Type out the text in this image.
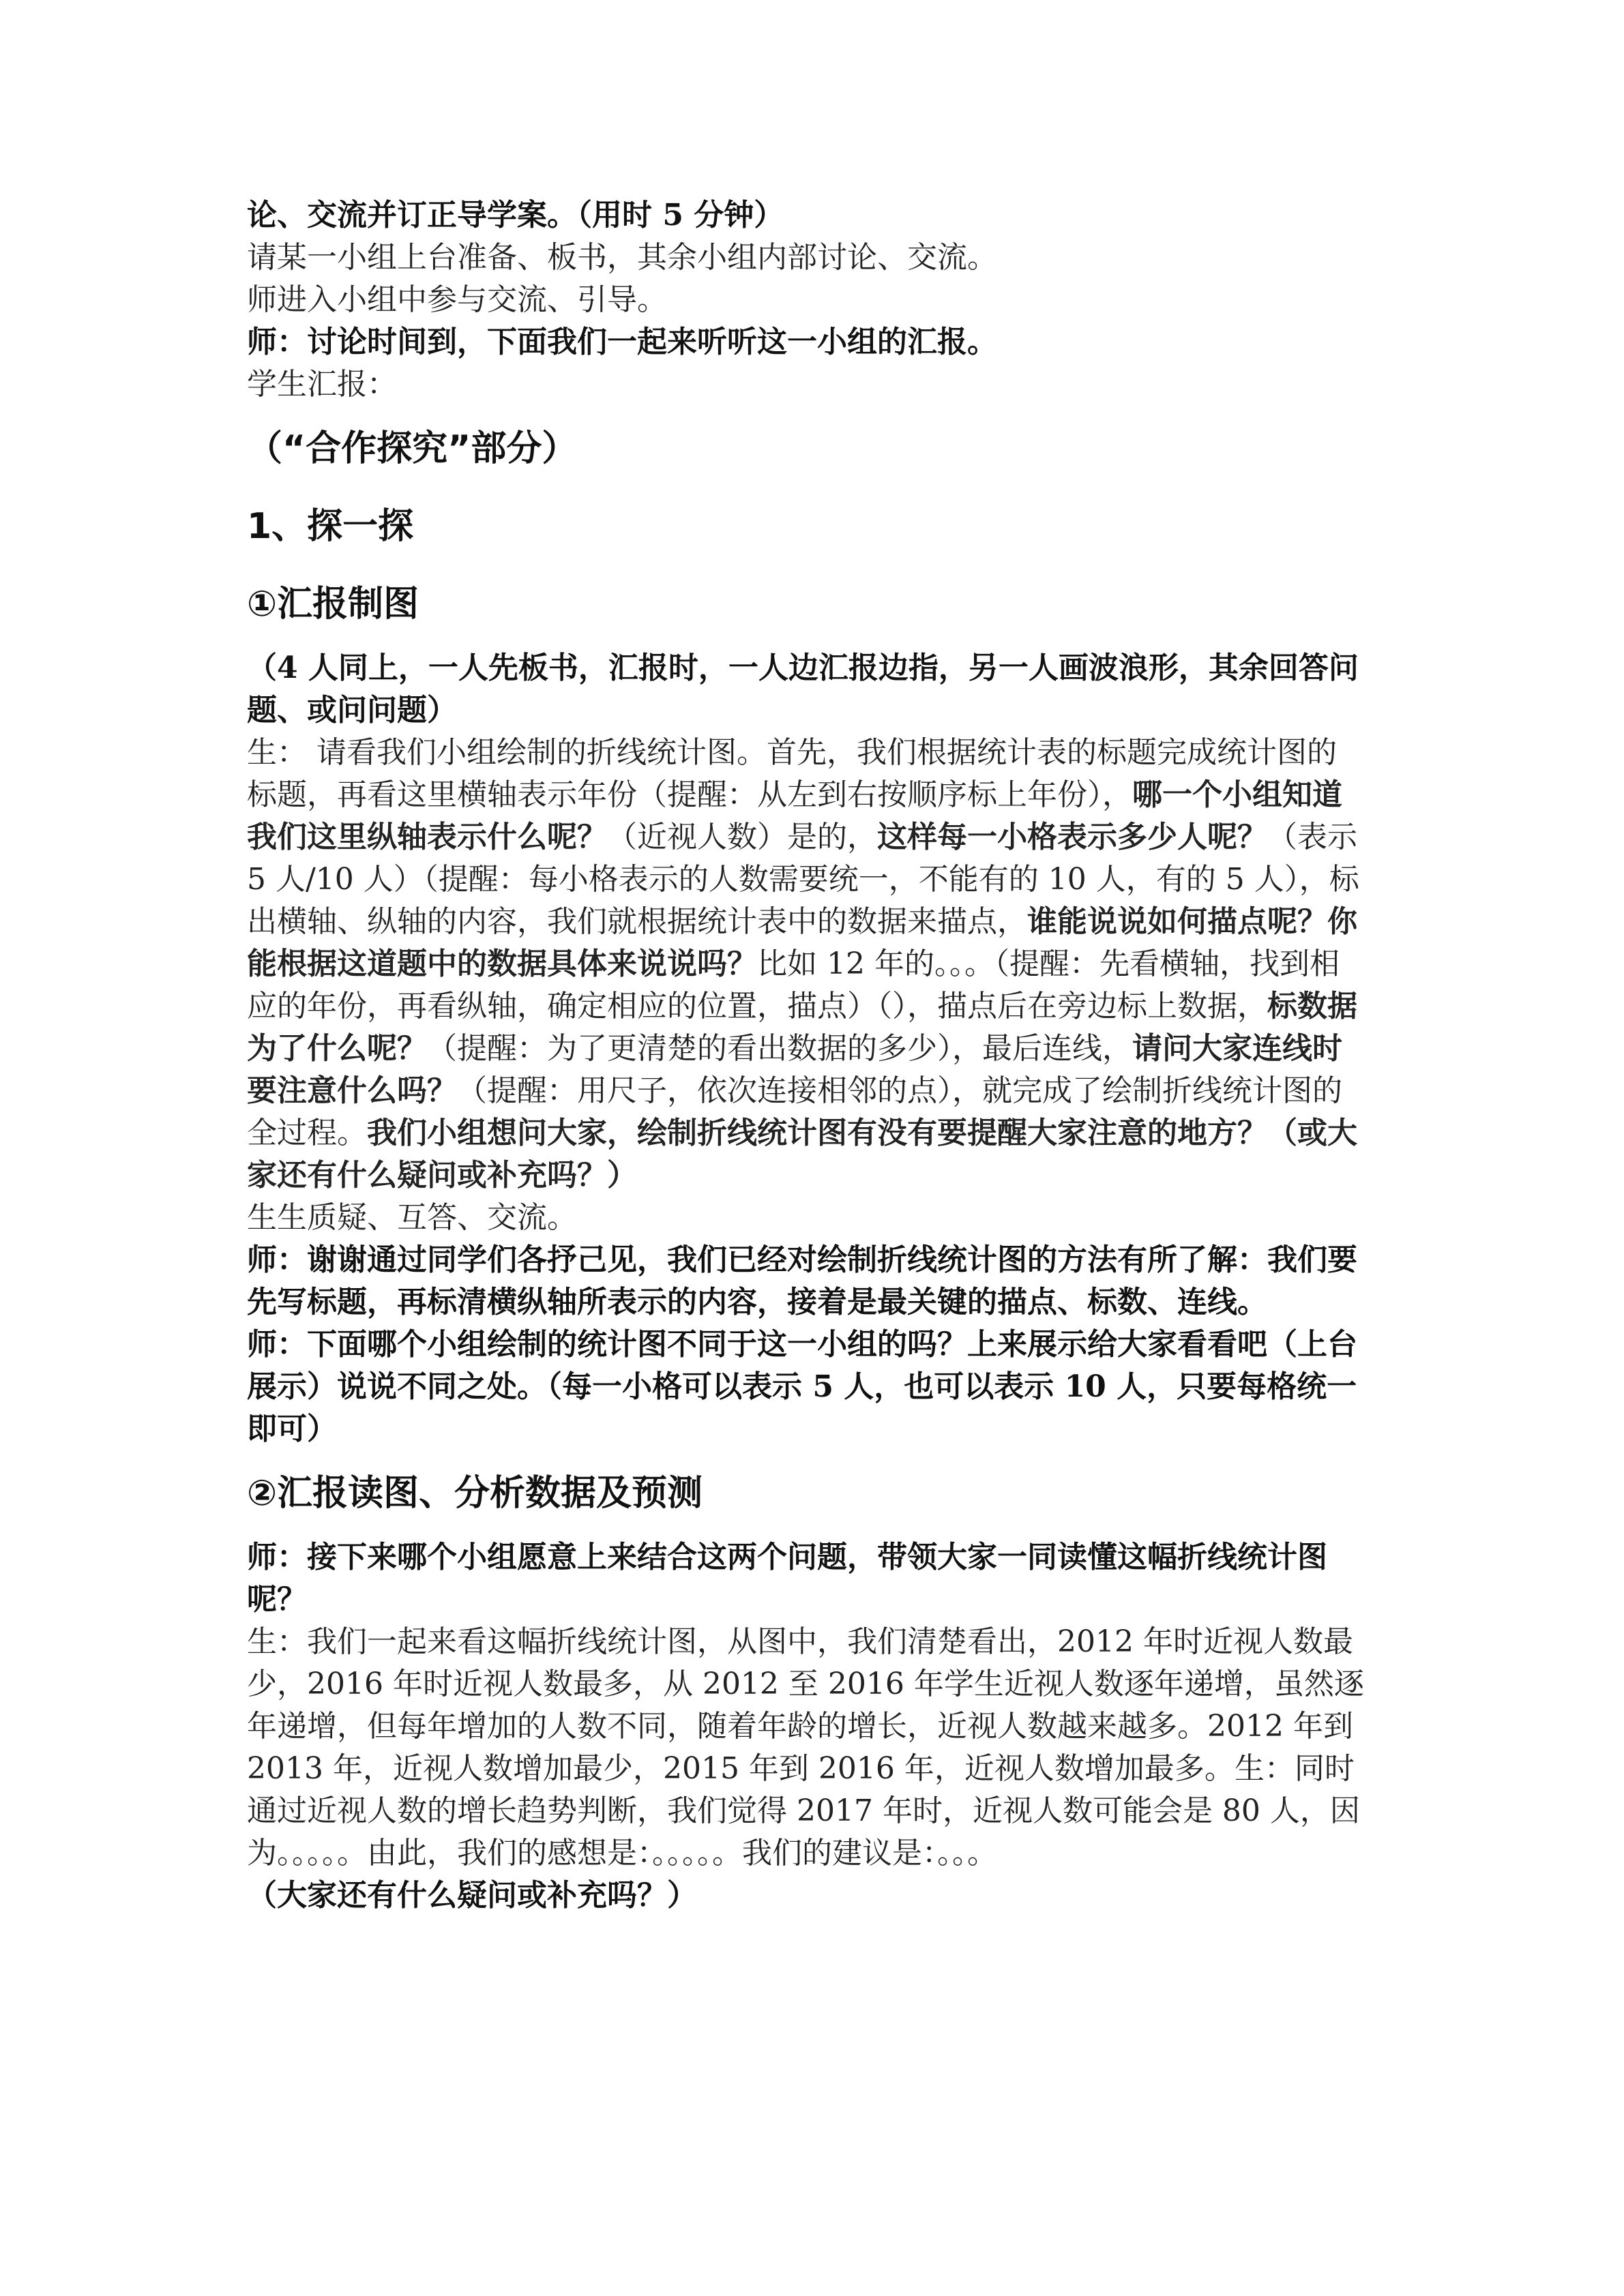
论、交流并订正导学案。（用时 5 分钟）

请某一小组上台准备、板书，其余小组内部讨论、交流。

师进入小组中参与交流、引导。

师：讨论时间到，下面我们一起来听听这一小组的汇报。

学生汇报：

（“合作探究”部分）

1、探一探

①汇报制图

（4 人同上，一人先板书，汇报时，一人边汇报边指，另一人画波浪形，其余回答问题、或问问题）

生： 请看我们小组绘制的折线统计图。首先，我们根据统计表的标题完成统计图的标题，再看这里横轴表示年份（提醒：从左到右按顺序标上年份），哪一个小组知道我们这里纵轴表示什么呢？（近视人数）是的，这样每一小格表示多少人呢？（表示 5 人/10 人）（提醒：每小格表示的人数需要统一，不能有的 10 人，有的 5 人），标出横轴、纵轴的内容，我们就根据统计表中的数据来描点，谁能说说如何描点呢？你能根据这道题中的数据具体来说说吗？比如 12 年的。。。（提醒：先看横轴，找到相应的年份，再看纵轴，确定相应的位置，描点）（），描点后在旁边标上数据，标数据为了什么呢？（提醒：为了更清楚的看出数据的多少），最后连线，请问大家连线时要注意什么吗？（提醒：用尺子，依次连接相邻的点），就完成了绘制折线统计图的全过程。我们小组想问大家，绘制折线统计图有没有要提醒大家注意的地方？（或大家还有什么疑问或补充吗？）

生生质疑、互答、交流。

师：谢谢通过同学们各抒己见，我们已经对绘制折线统计图的方法有所了解：我们要先写标题，再标清横纵轴所表示的内容，接着是最关键的描点、标数、连线。

师：下面哪个小组绘制的统计图不同于这一小组的吗？上来展示给大家看看吧（上台展示）说说不同之处。（每一小格可以表示 5 人，也可以表示 10 人，只要每格统一即可）

②汇报读图、分析数据及预测

师：接下来哪个小组愿意上来结合这两个问题，带领大家一同读懂这幅折线统计图呢？

生：我们一起来看这幅折线统计图，从图中，我们清楚看出，2012 年时近视人数最少，2016 年时近视人数最多，从 2012 至 2016 年学生近视人数逐年递增，虽然逐年递增，但每年增加的人数不同，随着年龄的增长，近视人数越来越多。2012 年到 2013 年，近视人数增加最少，2015 年到 2016 年，近视人数增加最多。生：同时通过近视人数的增长趋势判断，我们觉得 2017 年时，近视人数可能会是 80 人，因为。。。。。由此，我们的感想是：。。。。。我们的建议是：。。。

（大家还有什么疑问或补充吗？）
